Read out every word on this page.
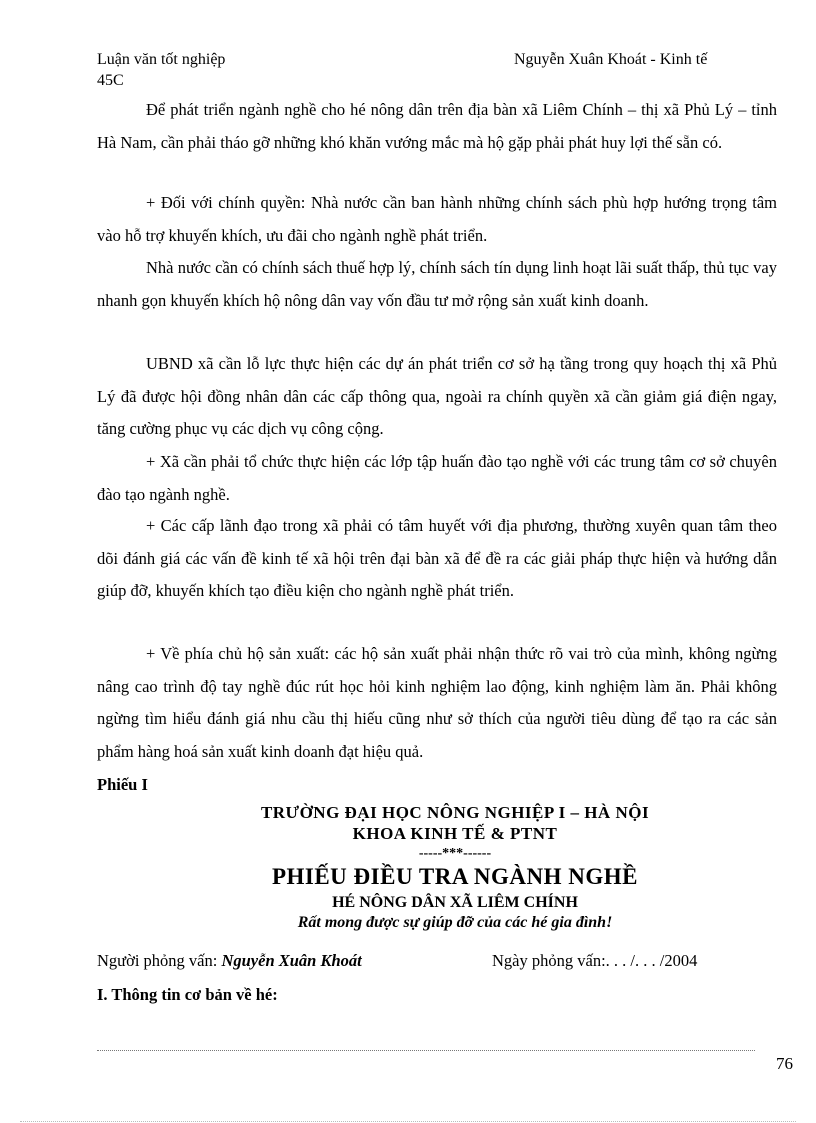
Luận văn tốt nghiệp	Nguyễn Xuân Khoát - Kinh tế
45C

Để phát triển ngành nghề cho hé nông dân trên địa bàn xã Liêm Chính – thị xã Phủ Lý – tỉnh Hà Nam, cần phải tháo gỡ những khó khăn vướng mắc mà hộ gặp phải phát huy lợi thế sẵn có.

+ Đối với chính quyền: Nhà nước cần ban hành những chính sách phù hợp hướng trọng tâm vào hỗ trợ khuyến khích, ưu đãi cho ngành nghề phát triển.

Nhà nước cần có chính sách thuế hợp lý, chính sách tín dụng linh hoạt lãi suất thấp, thủ tục vay nhanh gọn khuyến khích hộ nông dân vay vốn đầu tư mở rộng sản xuất kinh doanh.

UBND xã cần lỗ lực thực hiện các dự án phát triển cơ sở hạ tầng trong quy hoạch thị xã Phủ Lý đã được hội đồng nhân dân các cấp thông qua, ngoài ra chính quyền xã cần giảm giá điện ngay, tăng cường phục vụ các dịch vụ công cộng.

+ Xã cần phải tổ chức thực hiện các lớp tập huấn đào tạo nghề với các trung tâm cơ sở chuyên đào tạo ngành nghề.

+ Các cấp lãnh đạo trong xã phải có tâm huyết với địa phương, thường xuyên quan tâm theo dõi đánh giá các vấn đề kinh tế xã hội trên đại bàn xã để đề ra các giải pháp thực hiện và hướng dẫn giúp đỡ, khuyến khích tạo điều kiện cho ngành nghề phát triển.

+ Về phía chủ hộ sản xuất: các hộ sản xuất phải nhận thức rõ vai trò của mình, không ngừng nâng cao trình độ tay nghề đúc rút học hỏi kinh nghiệm lao động, kinh nghiệm làm ăn. Phải không ngừng tìm hiểu đánh giá nhu cầu thị hiếu cũng như sở thích của người tiêu dùng để tạo ra các sản phẩm hàng hoá sản xuất kinh doanh đạt hiệu quả.

Phiếu I
TRƯỜNG ĐẠI HỌC NÔNG NGHIỆP I – HÀ NỘI
KHOA KINH TẾ & PTNT
-----***------
PHIẾU ĐIỀU TRA NGÀNH NGHỀ
HÉ NÔNG DÂN XÃ LIÊM CHÍNH
Rất mong được sự giúp đỡ của các hé gia đình!
Người phỏng vấn: Nguyễn Xuân Khoát	Ngày phỏng vấn:. . . /. . . /2004
I. Thông tin cơ bản về hé:
76
